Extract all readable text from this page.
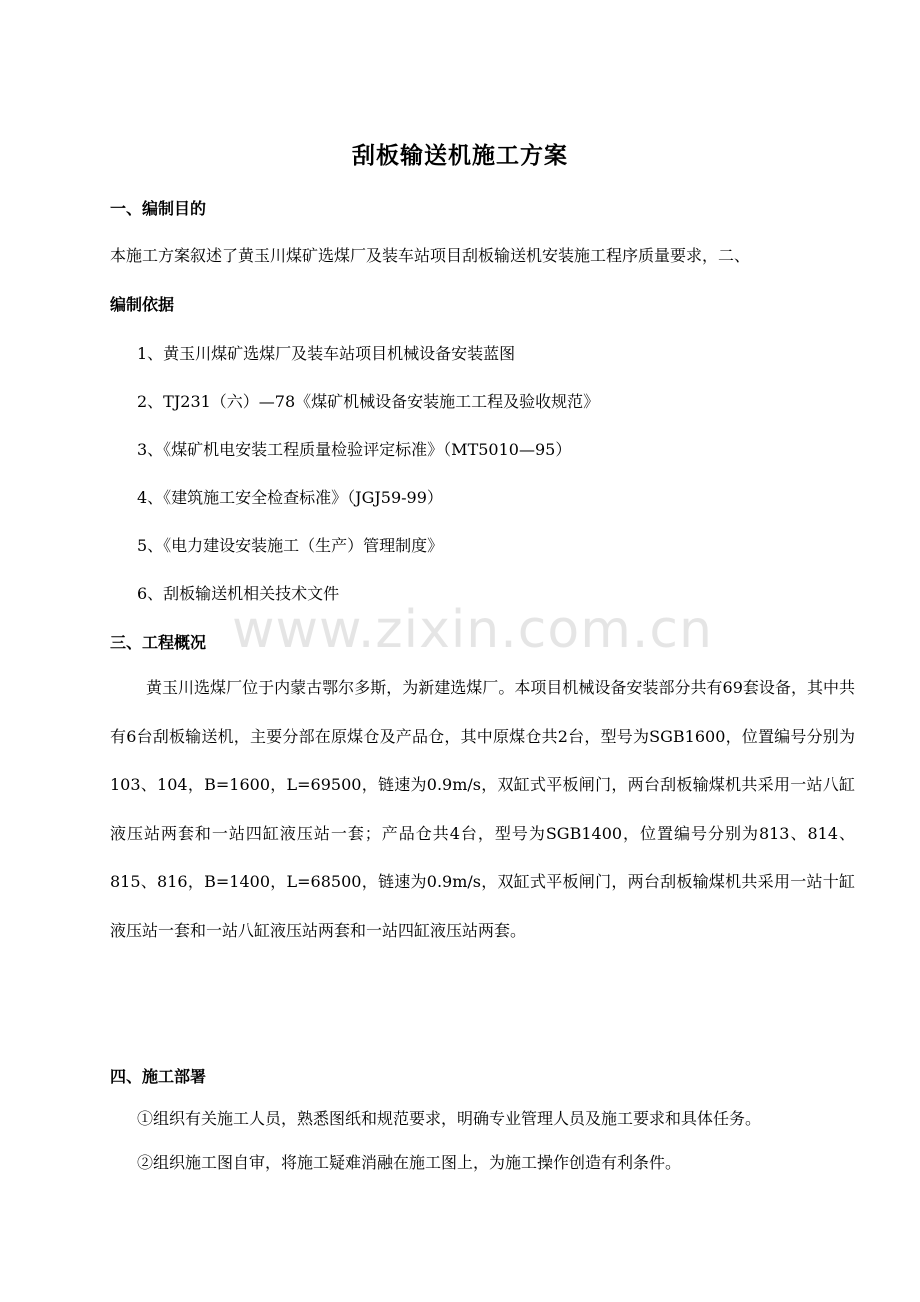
刮板输送机施工方案
一、编制目的
本施工方案叙述了黄玉川煤矿选煤厂及装车站项目刮板输送机安装施工程序质量要求，二、
编制依据
1、黄玉川煤矿选煤厂及装车站项目机械设备安装蓝图
2、TJ231（六）—78《煤矿机械设备安装施工工程及验收规范》
3、《煤矿机电安装工程质量检验评定标准》（MT5010—95）
4、《建筑施工安全检查标准》（JGJ59-99）
5、《电力建设安装施工（生产）管理制度》
6、刮板输送机相关技术文件
三、工程概况
黄玉川选煤厂位于内蒙古鄂尔多斯，为新建选煤厂。本项目机械设备安装部分共有69套设备，其中共有6台刮板输送机，主要分部在原煤仓及产品仓，其中原煤仓共2台，型号为SGB1600，位置编号分别为103、104，B=1600，L=69500，链速为0.9m/s，双缸式平板闸门，两台刮板输煤机共采用一站八缸液压站两套和一站四缸液压站一套；产品仓共4台，型号为SGB1400，位置编号分别为813、814、815、816，B=1400，L=68500，链速为0.9m/s，双缸式平板闸门，两台刮板输煤机共采用一站十缸液压站一套和一站八缸液压站两套和一站四缸液压站两套。
四、施工部署
①组织有关施工人员，熟悉图纸和规范要求，明确专业管理人员及施工要求和具体任务。
②组织施工图自审，将施工疑难消融在施工图上，为施工操作创造有利条件。
www.zixin.com.cn
